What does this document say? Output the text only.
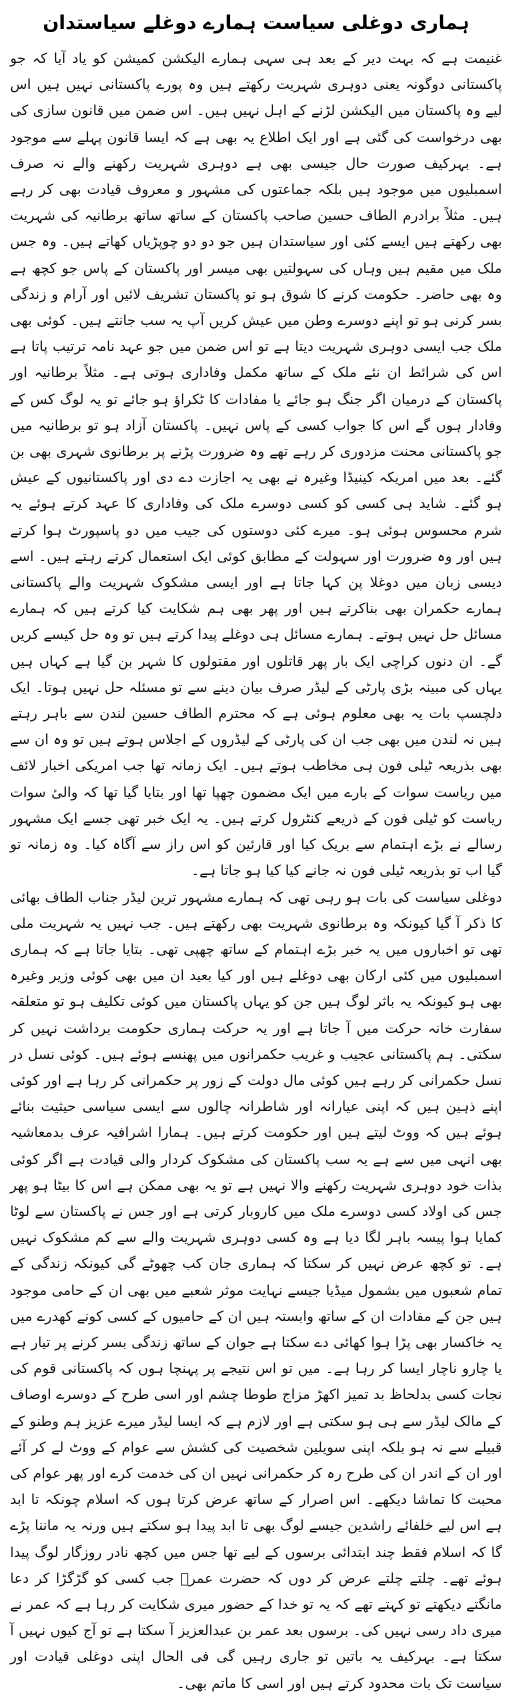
ہماری دوغلی سیاست ہمارے دوغلے سیاستدان

غنیمت ہے کہ بہت دیر کے بعد ہی سہی ہمارے الیکشن کمیشن کو یاد آیا کہ جو پاکستانی دوگونہ یعنی دوہری شہریت رکھتے ہیں وہ پورے پاکستانی نہیں ہیں اس لیے وہ پاکستان میں الیکشن لڑنے کے اہل نہیں ہیں۔ اس ضمن میں قانون سازی کی بھی درخواست کی گئی ہے اور ایک اطلاع یہ بھی ہے کہ ایسا قانون پہلے سے موجود ہے۔ بہرکیف صورت حال جیسی بھی ہے دوہری شہریت رکھنے والے نہ صرف اسمبلیوں میں موجود ہیں بلکہ جماعتوں کی مشہور و معروف قیادت بھی کر رہے ہیں۔ مثلاً برادرم الطاف حسین صاحب پاکستان کے ساتھ ساتھ برطانیہ کی شہریت بھی رکھتے ہیں ایسے کئی اور سیاستدان ہیں جو دو دو چوپڑیاں کھاتے ہیں۔ وہ جس ملک میں مقیم ہیں وہاں کی سہولتیں بھی میسر اور پاکستان کے پاس جو کچھ ہے وہ بھی حاضر۔ حکومت کرنے کا شوق ہو تو پاکستان تشریف لائیں اور آرام و زندگی بسر کرنی ہو تو اپنے دوسرے وطن میں عیش کریں آپ یہ سب جانتے ہیں۔ کوئی بھی ملک جب ایسی دوہری شہریت دیتا ہے تو اس ضمن میں جو عہد نامہ ترتیب پاتا ہے اس کی شرائط ان نئے ملک کے ساتھ مکمل وفاداری ہوتی ہے۔ مثلاً برطانیہ اور پاکستان کے درمیان اگر جنگ ہو جائے یا مفادات کا ٹکراؤ ہو جائے تو یہ لوگ کس کے وفادار ہوں گے اس کا جواب کسی کے پاس نہیں۔ پاکستان آزاد ہو تو برطانیہ میں جو پاکستانی محنت مزدوری کر رہے تھے وہ ضرورت پڑنے پر برطانوی شہری بھی بن گئے۔ بعد میں امریکہ کینیڈا وغیرہ نے بھی یہ اجازت دے دی اور پاکستانیوں کے عیش ہو گئے۔ شاید ہی کسی کو کسی دوسرے ملک کی وفاداری کا عہد کرتے ہوئے یہ شرم محسوس ہوئی ہو۔ میرے کئی دوستوں کی جیب میں دو پاسپورٹ ہوا کرتے ہیں اور وہ ضرورت اور سہولت کے مطابق کوئی ایک استعمال کرتے رہتے ہیں۔ اسے دیسی زبان میں دوغلا پن کہا جاتا ہے اور ایسی مشکوک شہریت والے پاکستانی ہمارے حکمران بھی بناکرتے ہیں اور پھر بھی ہم شکایت کیا کرتے ہیں کہ ہمارے مسائل حل نہیں ہوتے۔ ہمارے مسائل ہی دوغلے پیدا کرتے ہیں تو وہ حل کیسے کریں گے۔ ان دنوں کراچی ایک بار پھر قاتلوں اور مقتولوں کا شہر بن گیا ہے کہاں ہیں یہاں کی مبینہ بڑی پارٹی کے لیڈر صرف بیان دینے سے تو مسئلہ حل نہیں ہوتا۔ ایک دلچسپ بات یہ بھی معلوم ہوئی ہے کہ محترم الطاف حسین لندن سے باہر رہتے ہیں نہ لندن میں بھی جب ان کی پارٹی کے لیڈروں کے اجلاس ہوتے ہیں تو وہ ان سے بھی بذریعہ ٹیلی فون ہی مخاطب ہوتے ہیں۔ ایک زمانہ تھا جب امریکی اخبار لائف میں ریاست سوات کے بارے میں ایک مضمون چھپا تھا اور بتایا گیا تھا کہ والیٔ سوات ریاست کو ٹیلی فون کے ذریعے کنٹرول کرتے ہیں۔ یہ ایک خبر تھی جسے ایک مشہور رسالے نے بڑے اہتمام سے بریک کیا اور قارئین کو اس راز سے آگاہ کیا۔ وہ زمانہ تو گیا اب تو بذریعہ ٹیلی فون نہ جانے کیا کیا ہو جاتا ہے۔

دوغلی سیاست کی بات ہو رہی تھی کہ ہمارے مشہور ترین لیڈر جناب الطاف بھائی کا ذکر آ گیا کیونکہ وہ برطانوی شہریت بھی رکھتے ہیں۔ جب نہیں یہ شہریت ملی تھی تو اخباروں میں یہ خبر بڑے اہتمام کے ساتھ چھپی تھی۔ بتایا جاتا ہے کہ ہماری اسمبلیوں میں کئی ارکان بھی دوغلے ہیں اور کیا بعید ان میں بھی کوئی وزیر وغیرہ بھی ہو کیونکہ یہ باثر لوگ ہیں جن کو یہاں پاکستان میں کوئی تکلیف ہو تو متعلقہ سفارت خانہ حرکت میں آ جاتا ہے اور یہ حرکت ہماری حکومت برداشت نہیں کر سکتی۔ ہم پاکستانی عجیب و غریب حکمرانوں میں پھنسے ہوئے ہیں۔ کوئی نسل در نسل حکمرانی کر رہے ہیں کوئی مال دولت کے زور پر حکمرانی کر رہا ہے اور کوئی اپنے ذہین ہیں کہ اپنی عیارانہ اور شاطرانہ چالوں سے ایسی سیاسی حیثیت بنائے ہوئے ہیں کہ ووٹ لیتے ہیں اور حکومت کرتے ہیں۔ ہمارا اشرافیہ عرف بدمعاشیہ بھی انہی میں سے ہے یہ سب پاکستان کی مشکوک کردار والی قیادت ہے اگر کوئی بذات خود دوہری شہریت رکھنے والا نہیں ہے تو یہ بھی ممکن ہے اس کا بیٹا ہو پھر جس کی اولاد کسی دوسرے ملک میں کاروبار کرتی ہے اور جس نے پاکستان سے لوٹا کمایا ہوا پیسہ باہر لگا دیا ہے وہ کسی دوہری شہریت والے سے کم مشکوک نہیں ہے۔ تو کچھ عرض نہیں کر سکتا کہ ہماری جان کب چھوٹے گی کیونکہ زندگی کے تمام شعبوں میں بشمول میڈیا جیسے نہایت موثر شعبے میں بھی ان کے حامی موجود ہیں جن کے مفادات ان کے ساتھ وابستہ ہیں ان کے حامیوں کے کسی کونے کھدرے میں یہ خاکسار بھی پڑا ہوا کھائی دے سکتا ہے جوان کے ساتھ زندگی بسر کرنے پر تیار ہے یا چارو ناچار ایسا کر رہا ہے۔ میں تو اس نتیجے پر پہنچا ہوں کہ پاکستانی قوم کی نجات کسی بدلحاظ بد تمیز اکھڑ مزاج طوطا چشم اور اسی طرح کے دوسرے اوصاف کے مالک لیڈر سے ہی ہو سکتی ہے اور لازم ہے کہ ایسا لیڈر میرے عزیز ہم وطنو کے قبیلے سے نہ ہو بلکہ اپنی سویلین شخصیت کی کشش سے عوام کے ووٹ لے کر آئے اور ان کے اندر ان کی طرح رہ کر حکمرانی نہیں ان کی خدمت کرے اور پھر عوام کی محبت کا تماشا دیکھے۔ اس اصرار کے ساتھ عرض کرتا ہوں کہ اسلام چونکہ تا ابد ہے اس لیے خلفائے راشدین جیسے لوگ بھی تا ابد پیدا ہو سکتے ہیں ورنہ یہ ماننا پڑے گا کہ اسلام فقط چند ابتدائی برسوں کے لیے تھا جس میں کچھ نادر روزگار لوگ پیدا ہوئے تھے۔ چلتے چلتے عرض کر دوں کہ حضرت عمرؓ جب کسی کو گڑگڑا کر دعا مانگتے دیکھتے تو کہتے تھے کہ یہ تو خدا کے حضور میری شکایت کر رہا ہے کہ عمر نے میری داد رسی نہیں کی۔ برسوں بعد عمر بن عبدالعزیز آ سکتا ہے تو آج کیوں نہیں آ سکتا ہے۔ بہرکیف یہ باتیں تو جاری رہیں گی فی الحال اپنی دوغلی قیادت اور سیاست تک بات محدود کرتے ہیں اور اسی کا ماتم بھی۔
